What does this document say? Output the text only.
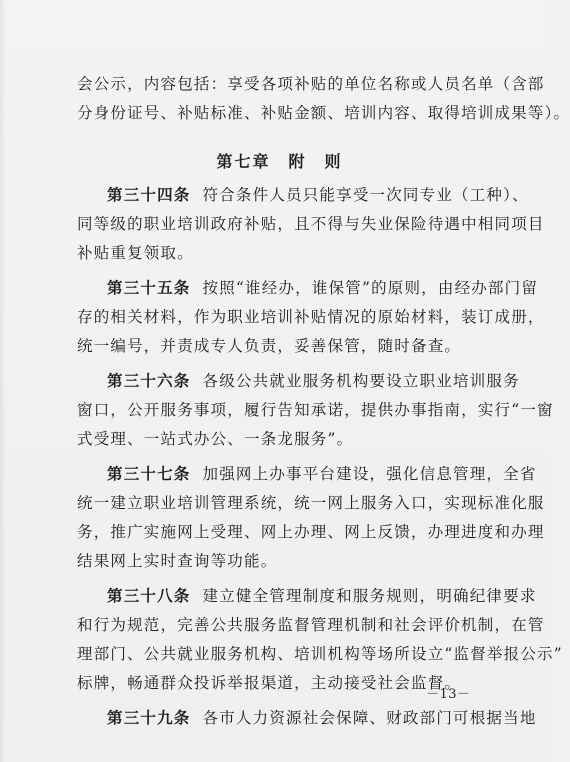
会公示，内容包括：享受各项补贴的单位名称或人员名单（含部
分身份证号、补贴标准、补贴金额、培训内容、取得培训成果等）。
第七章　附　则
第三十四条 符合条件人员只能享受一次同专业（工种）、
同等级的职业培训政府补贴，且不得与失业保险待遇中相同项目
补贴重复领取。
第三十五条 按照“谁经办，谁保管”的原则，由经办部门留
存的相关材料，作为职业培训补贴情况的原始材料，装订成册，
统一编号，并责成专人负责，妥善保管，随时备查。
第三十六条 各级公共就业服务机构要设立职业培训服务
窗口，公开服务事项，履行告知承诺，提供办事指南，实行“一窗
式受理、一站式办公、一条龙服务”。
第三十七条 加强网上办事平台建设，强化信息管理，全省
统一建立职业培训管理系统，统一网上服务入口，实现标准化服
务，推广实施网上受理、网上办理、网上反馈，办理进度和办理
结果网上实时查询等功能。
第三十八条 建立健全管理制度和服务规则，明确纪律要求
和行为规范，完善公共服务监督管理机制和社会评价机制，在管
理部门、公共就业服务机构、培训机构等场所设立“监督举报公示”
标牌，畅通群众投诉举报渠道，主动接受社会监督。
第三十九条 各市人力资源社会保障、财政部门可根据当地
－13－
